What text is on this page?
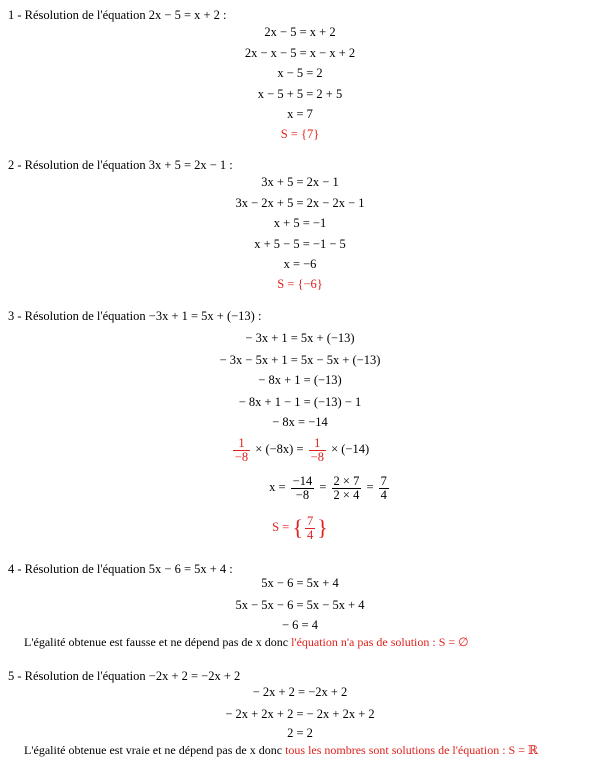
1 - Résolution de l'équation 2x − 5 = x + 2 :
2x − 5 = x + 2
2x − x − 5 = x − x + 2
x − 5 = 2
x − 5 + 5 = 2 + 5
x = 7
S = {7}
2 - Résolution de l'équation 3x + 5 = 2x − 1 :
3x + 5 = 2x − 1
3x − 2x + 5 = 2x − 2x − 1
x + 5 = −1
x + 5 − 5 = −1 − 5
x = −6
S = {−6}
3 - Résolution de l'équation −3x + 1 = 5x + (−13) :
− 3x + 1 = 5x + (−13)
− 3x − 5x + 1 = 5x − 5x + (−13)
− 8x + 1 = (−13)
− 8x + 1 − 1 = (−13) − 1
− 8x = −14
$\frac{1}{-8} \times (-8x) = \frac{1}{-8} \times (-14)$
$x = \frac{-14}{-8} = \frac{2 \times 7}{2 \times 4} = \frac{7}{4}$
S = { $\frac{7}{4}$ }
4 - Résolution de l'équation 5x − 6 = 5x + 4 :
5x − 6 = 5x + 4
5x − 5x − 6 = 5x − 5x + 4
− 6 = 4
L'égalité obtenue est fausse et ne dépend pas de x donc l'équation n'a pas de solution : S = ∅
5 - Résolution de l'équation −2x + 2 = −2x + 2
− 2x + 2 = −2x + 2
− 2x + 2x + 2 = − 2x + 2x + 2
2 = 2
L'égalité obtenue est vraie et ne dépend pas de x donc tous les nombres sont solutions de l'équation : S = ℝ
